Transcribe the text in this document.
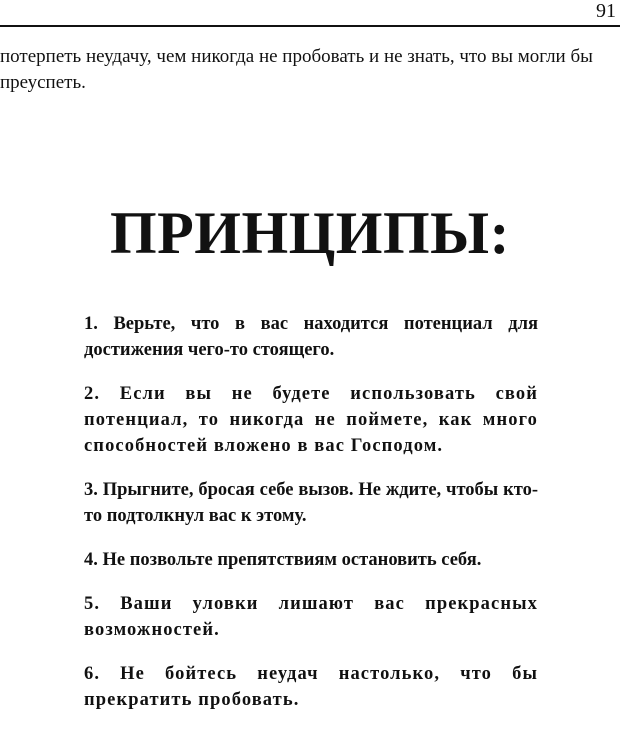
91

потерпеть неудачу, чем никогда не пробовать и не знать, что вы могли бы преуспеть.

ПРИНЦИПЫ:

1. Верьте, что в вас находится потенциал для достижения чего-то стоящего.

2. Если вы не будете использовать свой потенциал, то никогда не поймете, как много способностей вложено в вас Господом.

3. Прыгните, бросая себе вызов. Не ждите, чтобы кто-то подтолкнул вас к этому.

4. Не позвольте препятствиям остановить себя.

5. Ваши уловки лишают вас прекрасных возможностей.

6. Не бойтесь неудач настолько, что бы прекратить пробовать.
